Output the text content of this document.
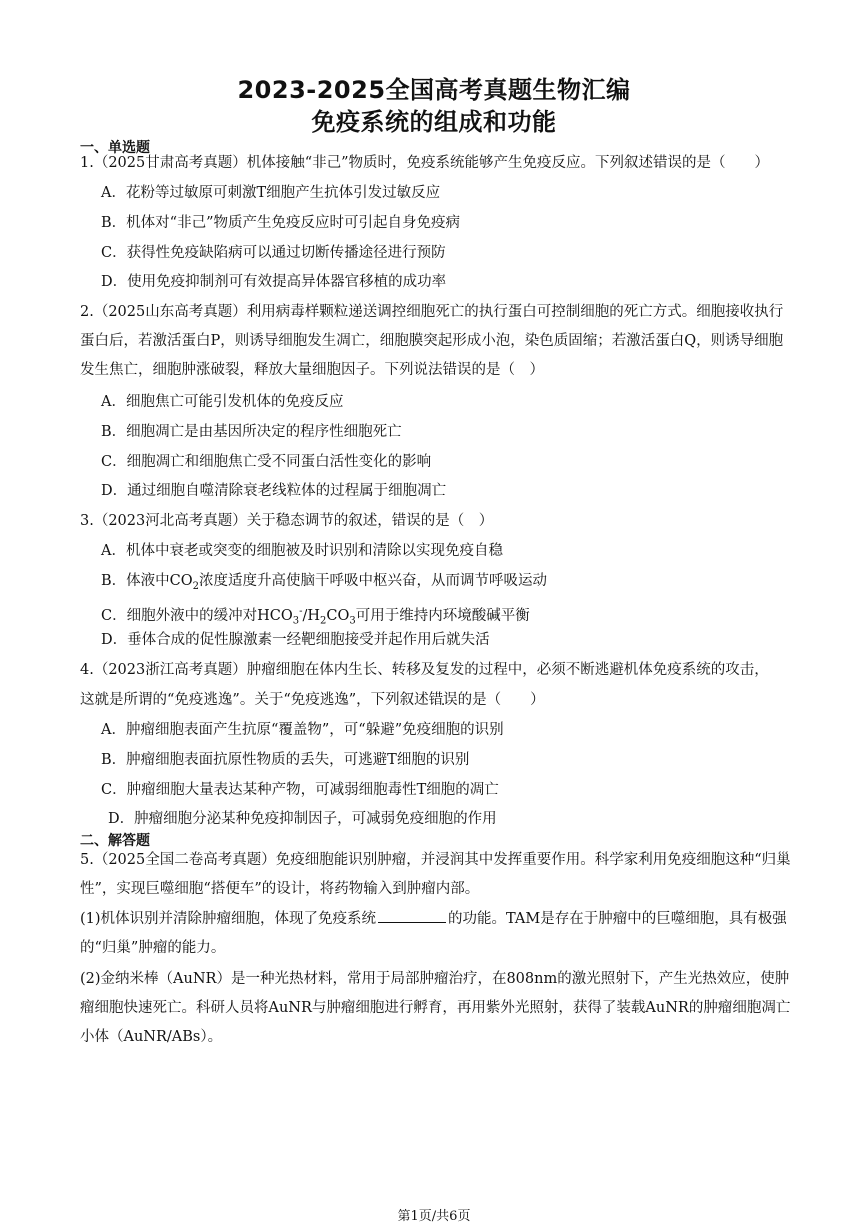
2023-2025全国高考真题生物汇编
免疫系统的组成和功能
一、单选题
1.（2025甘肃高考真题）机体接触“非己”物质时，免疫系统能够产生免疫反应。下列叙述错误的是（　　）
A．花粉等过敏原可刺激T细胞产生抗体引发过敏反应
B．机体对“非己”物质产生免疫反应时可引起自身免疫病
C．获得性免疫缺陷病可以通过切断传播途径进行预防
D．使用免疫抑制剂可有效提高异体器官移植的成功率
2.（2025山东高考真题）利用病毒样颗粒递送调控细胞死亡的执行蛋白可控制细胞的死亡方式。细胞接收执行蛋白后，若激活蛋白P，则诱导细胞发生凋亡，细胞膜突起形成小泡，染色质固缩；若激活蛋白Q，则诱导细胞发生焦亡，细胞肿涨破裂，释放大量细胞因子。下列说法错误的是（　）
A．细胞焦亡可能引发机体的免疫反应
B．细胞凋亡是由基因所决定的程序性细胞死亡
C．细胞凋亡和细胞焦亡受不同蛋白活性变化的影响
D．通过细胞自噬清除衰老线粒体的过程属于细胞凋亡
3.（2023河北高考真题）关于稳态调节的叙述，错误的是（　）
A．机体中衰老或突变的细胞被及时识别和清除以实现免疫自稳
B．体液中$CO_2$浓度适度升高使脑干呼吸中枢兴奋，从而调节呼吸运动
C．细胞外液中的缓冲对$HCO_3^-/H_2CO_3$可用于维持内环境酸碱平衡
D．垂体合成的促性腺激素一经靶细胞接受并起作用后就失活
4.（2023浙江高考真题）肿瘤细胞在体内生长、转移及复发的过程中，必须不断逃避机体免疫系统的攻击，
这就是所谓的“免疫逃逸”。关于“免疫逃逸”，下列叙述错误的是（　　）
A．肿瘤细胞表面产生抗原“覆盖物”，可“躲避”免疫细胞的识别
B．肿瘤细胞表面抗原性物质的丢失，可逃避T细胞的识别
C．肿瘤细胞大量表达某种产物，可减弱细胞毒性T细胞的凋亡
D．肿瘤细胞分泌某种免疫抑制因子，可减弱免疫细胞的作用
二、解答题
5.（2025全国二卷高考真题）免疫细胞能识别肿瘤，并浸润其中发挥重要作用。科学家利用免疫细胞这种“归巢性”，实现巨噬细胞“搭便车”的设计，将药物输入到肿瘤内部。
(1)机体识别并清除肿瘤细胞，体现了免疫系统	的功能。TAM是存在于肿瘤中的巨噬细胞，具有极强的“归巢”肿瘤的能力。
(2)金纳米棒（AuNR）是一种光热材料，常用于局部肿瘤治疗，在808nm的激光照射下，产生光热效应，使肿瘤细胞快速死亡。科研人员将AuNR与肿瘤细胞进行孵育，再用紫外光照射，获得了装载AuNR的肿瘤细胞凋亡小体（AuNR/ABs）。
第1页/共6页
